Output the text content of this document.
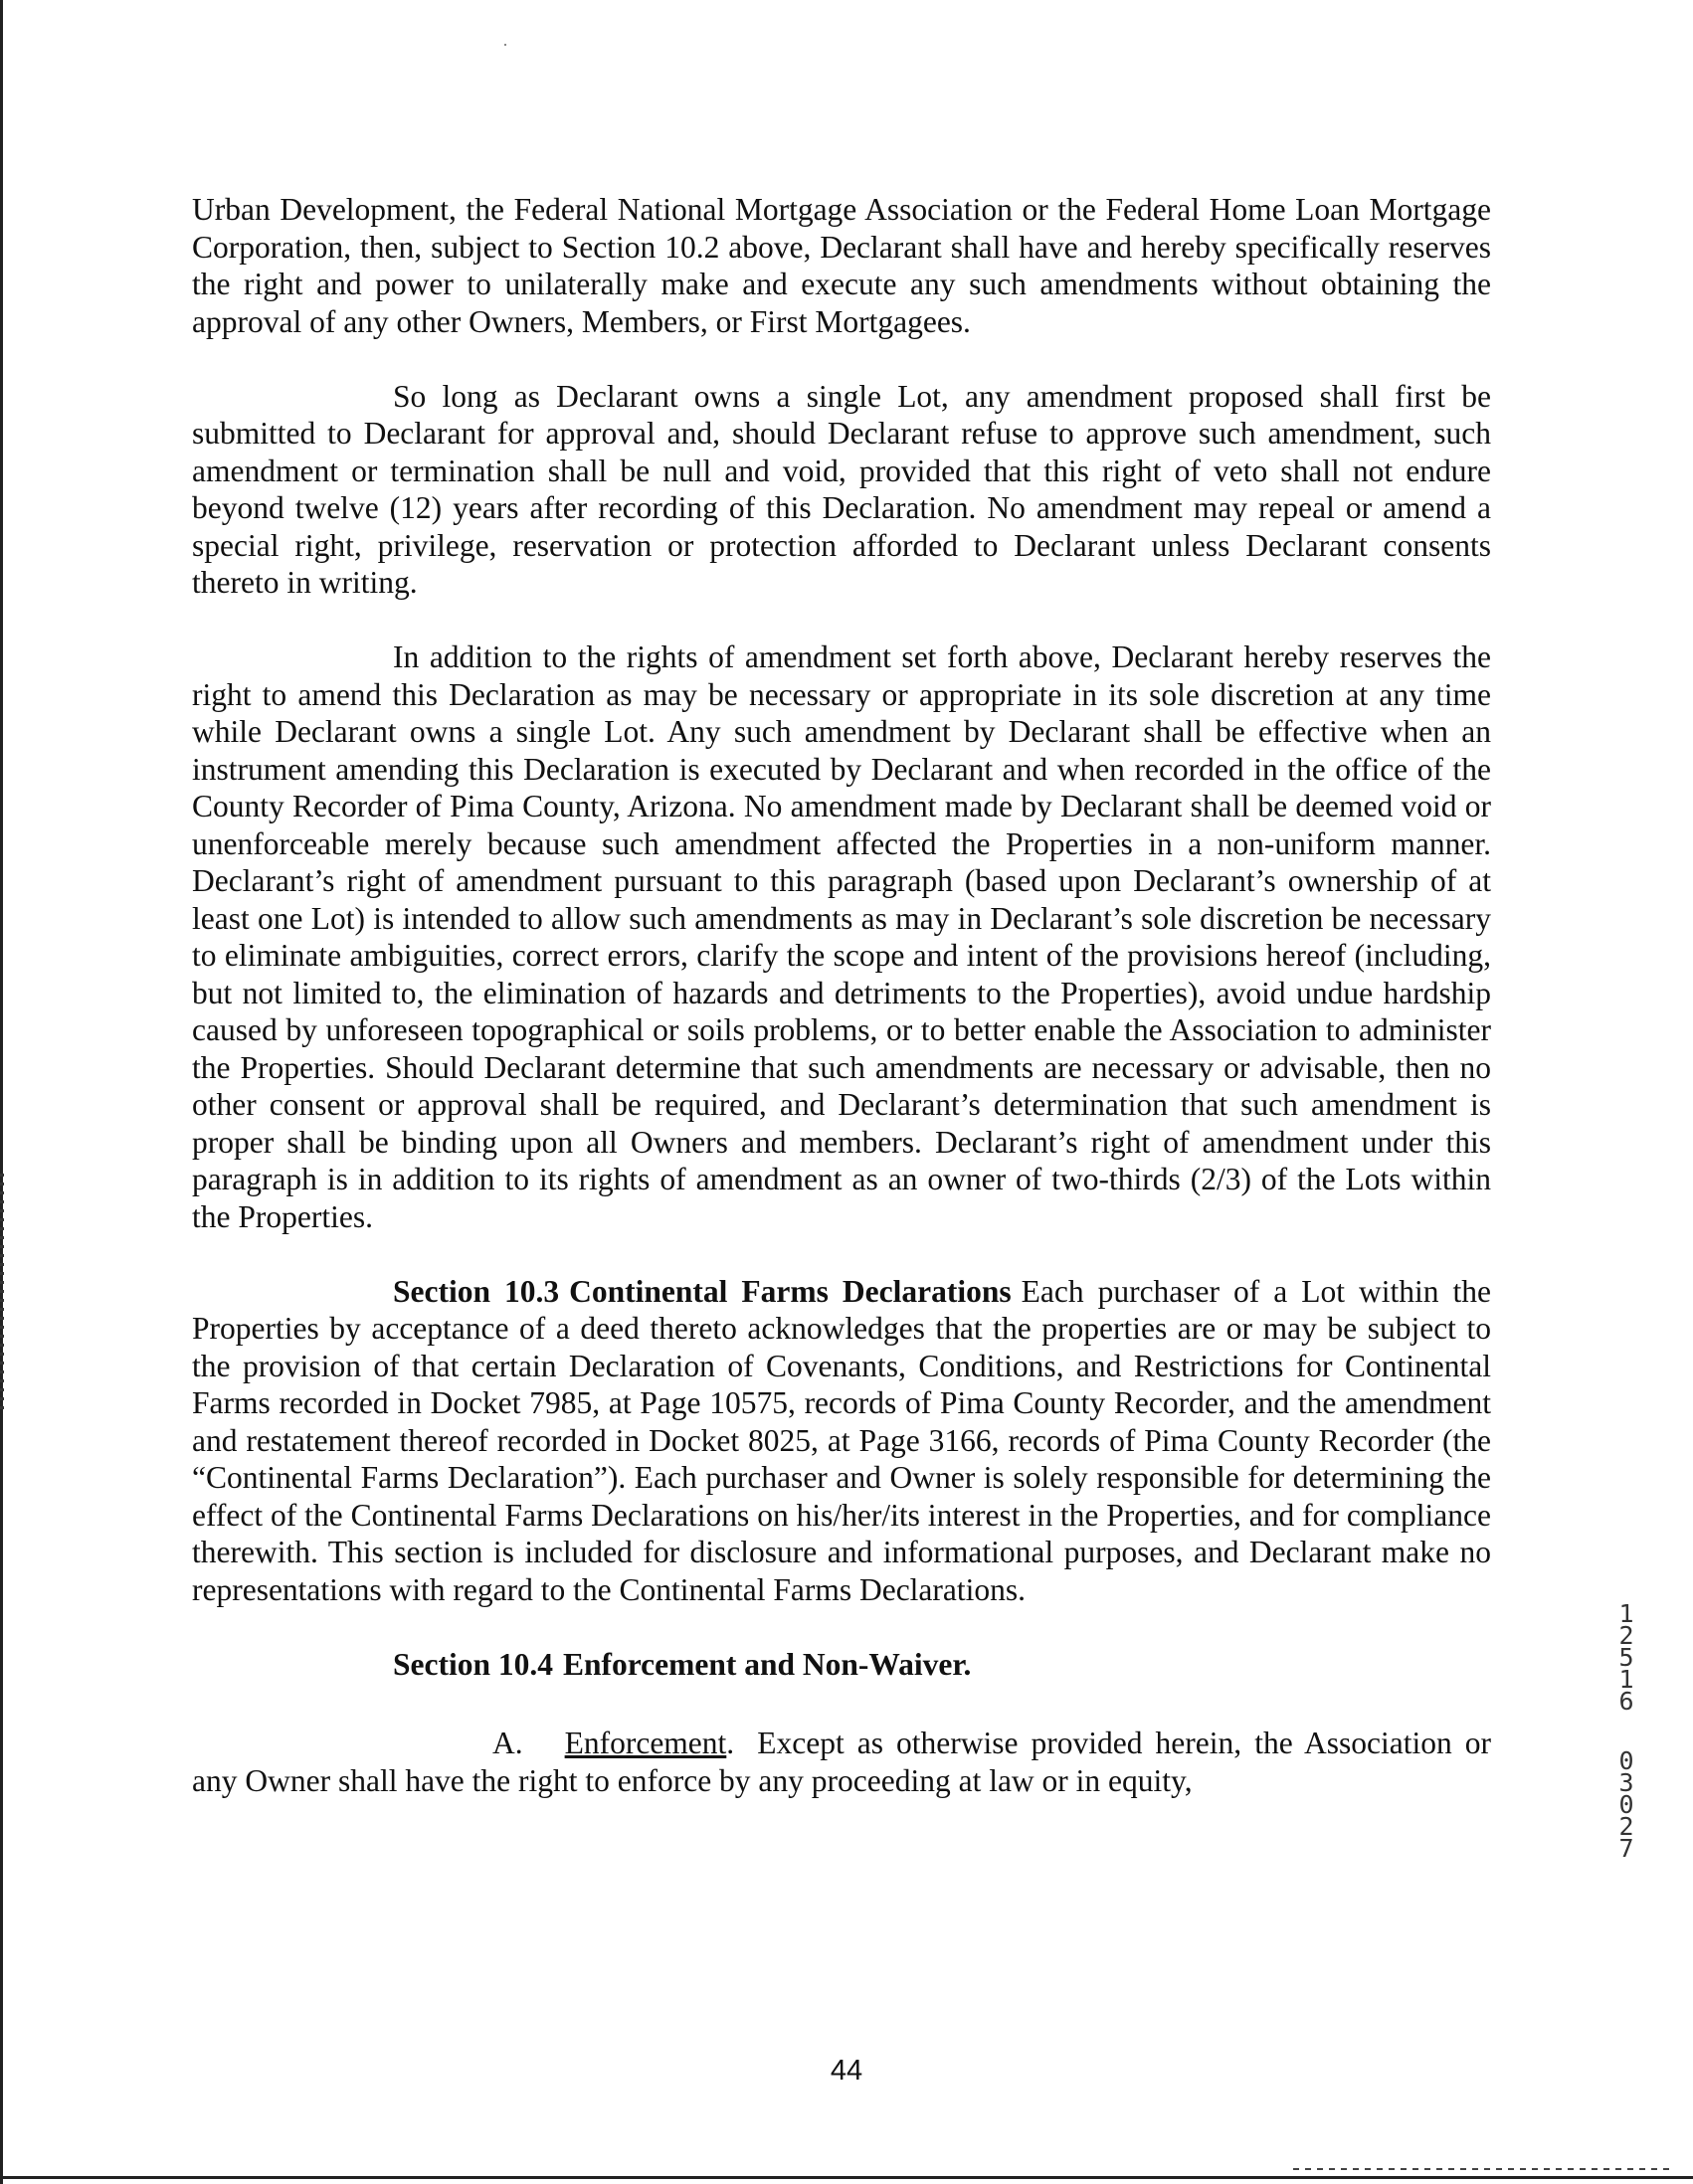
Urban Development, the Federal National Mortgage Association or the Federal Home Loan Mortgage Corporation, then, subject to Section 10.2 above, Declarant shall have and hereby specifically reserves the right and power to unilaterally make and execute any such amendments without obtaining the approval of any other Owners, Members, or First Mortgagees.

So long as Declarant owns a single Lot, any amendment proposed shall first be submitted to Declarant for approval and, should Declarant refuse to approve such amendment, such amendment or termination shall be null and void, provided that this right of veto shall not endure beyond twelve (12) years after recording of this Declaration. No amendment may repeal or amend a special right, privilege, reservation or protection afforded to Declarant unless Declarant consents thereto in writing.

In addition to the rights of amendment set forth above, Declarant hereby reserves the right to amend this Declaration as may be necessary or appropriate in its sole discretion at any time while Declarant owns a single Lot. Any such amendment by Declarant shall be effective when an instrument amending this Declaration is executed by Declarant and when recorded in the office of the County Recorder of Pima County, Arizona. No amendment made by Declarant shall be deemed void or unenforceable merely because such amendment affected the Properties in a non-uniform manner. Declarant’s right of amendment pursuant to this paragraph (based upon Declarant’s ownership of at least one Lot) is intended to allow such amendments as may in Declarant’s sole discretion be necessary to eliminate ambiguities, correct errors, clarify the scope and intent of the provisions hereof (including, but not limited to, the elimination of hazards and detriments to the Properties), avoid undue hardship caused by unforeseen topographical or soils problems, or to better enable the Association to administer the Properties. Should Declarant determine that such amendments are necessary or advisable, then no other consent or approval shall be required, and Declarant’s determination that such amendment is proper shall be binding upon all Owners and members. Declarant’s right of amendment under this paragraph is in addition to its rights of amendment as an owner of two-thirds (2/3) of the Lots within the Properties.

Section 10.3 Continental Farms Declarations Each purchaser of a Lot within the Properties by acceptance of a deed thereto acknowledges that the properties are or may be subject to the provision of that certain Declaration of Covenants, Conditions, and Restrictions for Continental Farms recorded in Docket 7985, at Page 10575, records of Pima County Recorder, and the amendment and restatement thereof recorded in Docket 8025, at Page 3166, records of Pima County Recorder (the “Continental Farms Declaration”). Each purchaser and Owner is solely responsible for determining the effect of the Continental Farms Declarations on his/her/its interest in the Properties, and for compliance therewith. This section is included for disclosure and informational purposes, and Declarant make no representations with regard to the Continental Farms Declarations.

Section 10.4 Enforcement and Non-Waiver.

A. Enforcement. Except as otherwise provided herein, the Association or any Owner shall have the right to enforce by any proceeding at law or in equity,

1
2
5
1
6
0
3
0
2
7
44
